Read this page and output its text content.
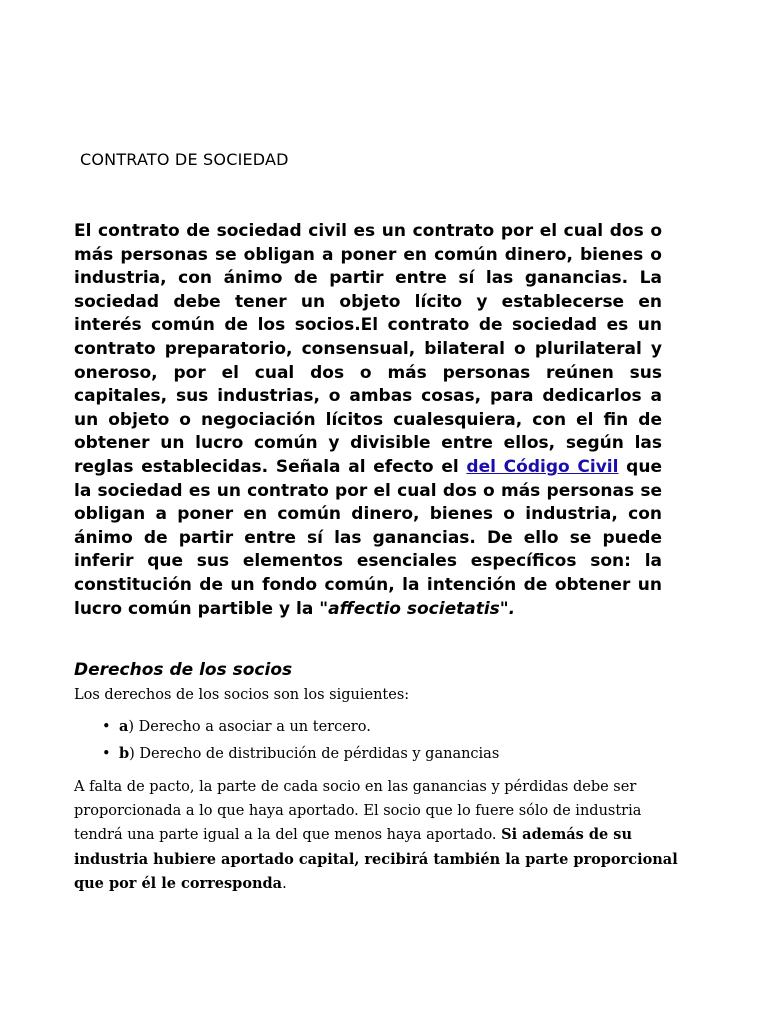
CONTRATO DE SOCIEDAD

El contrato de sociedad civil es un contrato por el cual dos o más personas se obligan a poner en común dinero, bienes o industria, con ánimo de partir entre sí las ganancias. La sociedad debe tener un objeto lícito y establecerse en interés común de los socios.El contrato de sociedad es un contrato preparatorio, consensual, bilateral o plurilateral y oneroso, por el cual dos o más personas reúnen sus capitales, sus industrias, o ambas cosas, para dedicarlos a un objeto o negociación lícitos cualesquiera, con el fin de obtener un lucro común y divisible entre ellos, según las reglas establecidas. Señala al efecto el del Código Civil que la sociedad es un contrato por el cual dos o más personas se obligan a poner en común dinero, bienes o industria, con ánimo de partir entre sí las ganancias. De ello se puede inferir que sus elementos esenciales específicos son: la constitución de un fondo común, la intención de obtener un lucro común partible y la "affectio societatis".

Derechos de los socios

Los derechos de los socios son los siguientes:

• a) Derecho a asociar a un tercero.
• b) Derecho de distribución de pérdidas y ganancias

A falta de pacto, la parte de cada socio en las ganancias y pérdidas debe ser proporcionada a lo que haya aportado. El socio que lo fuere sólo de industria tendrá una parte igual a la del que menos haya aportado. Si además de su industria hubiere aportado capital, recibirá también la parte proporcional que por él le corresponda.
